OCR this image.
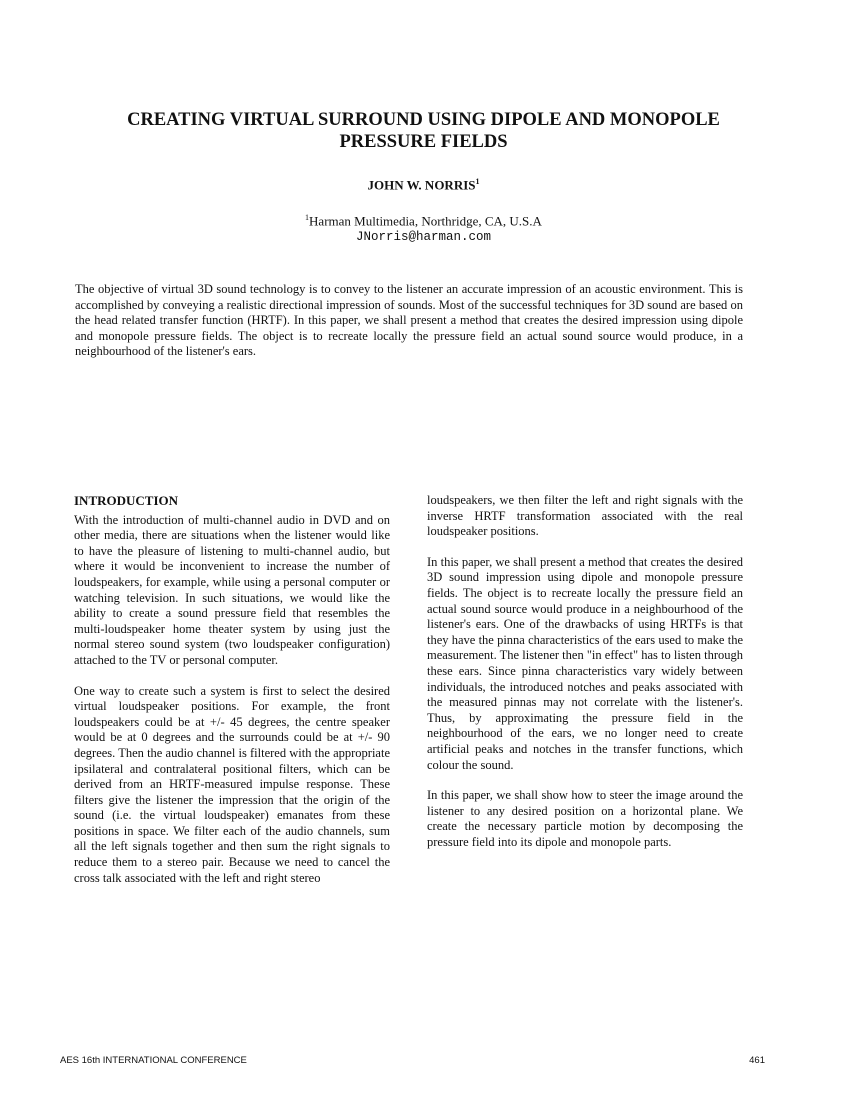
CREATING VIRTUAL SURROUND USING DIPOLE AND MONOPOLE
PRESSURE FIELDS
JOHN W. NORRIS$^1$
$^1$Harman Multimedia, Northridge, CA, U.S.A
JNorris@harman.com

The objective of virtual 3D sound technology is to convey to the listener an accurate impression of an acoustic environment. This is accomplished by conveying a realistic directional impression of sounds. Most of the successful techniques for 3D sound are based on the head related transfer function (HRTF). In this paper, we shall present a method that creates the desired impression using dipole and monopole pressure fields. The object is to recreate locally the pressure field an actual sound source would produce, in a neighbourhood of the listener's ears.

INTRODUCTION

With the introduction of multi-channel audio in DVD and on other media, there are situations when the listener would like to have the pleasure of listening to multi-channel audio, but where it would be inconvenient to increase the number of loudspeakers, for example, while using a personal computer or watching television. In such situations, we would like the ability to create a sound pressure field that resembles the multi-loudspeaker home theater system by using just the normal stereo sound system (two loudspeaker configuration) attached to the TV or personal computer.

One way to create such a system is first to select the desired virtual loudspeaker positions. For example, the front loudspeakers could be at +/- 45 degrees, the centre speaker would be at 0 degrees and the surrounds could be at +/- 90 degrees. Then the audio channel is filtered with the appropriate ipsilateral and contralateral positional filters, which can be derived from an HRTF-measured impulse response. These filters give the listener the impression that the origin of the sound (i.e. the virtual loudspeaker) emanates from these positions in space. We filter each of the audio channels, sum all the left signals together and then sum the right signals to reduce them to a stereo pair. Because we need to cancel the cross talk associated with the left and right stereo

loudspeakers, we then filter the left and right signals with the inverse HRTF transformation associated with the real loudspeaker positions.

In this paper, we shall present a method that creates the desired 3D sound impression using dipole and monopole pressure fields. The object is to recreate locally the pressure field an actual sound source would produce in a neighbourhood of the listener's ears. One of the drawbacks of using HRTFs is that they have the pinna characteristics of the ears used to make the measurement. The listener then "in effect" has to listen through these ears. Since pinna characteristics vary widely between individuals, the introduced notches and peaks associated with the measured pinnas may not correlate with the listener's. Thus, by approximating the pressure field in the neighbourhood of the ears, we no longer need to create artificial peaks and notches in the transfer functions, which colour the sound.

In this paper, we shall show how to steer the image around the listener to any desired position on a horizontal plane. We create the necessary particle motion by decomposing the pressure field into its dipole and monopole parts.

AES 16th INTERNATIONAL CONFERENCE	461
